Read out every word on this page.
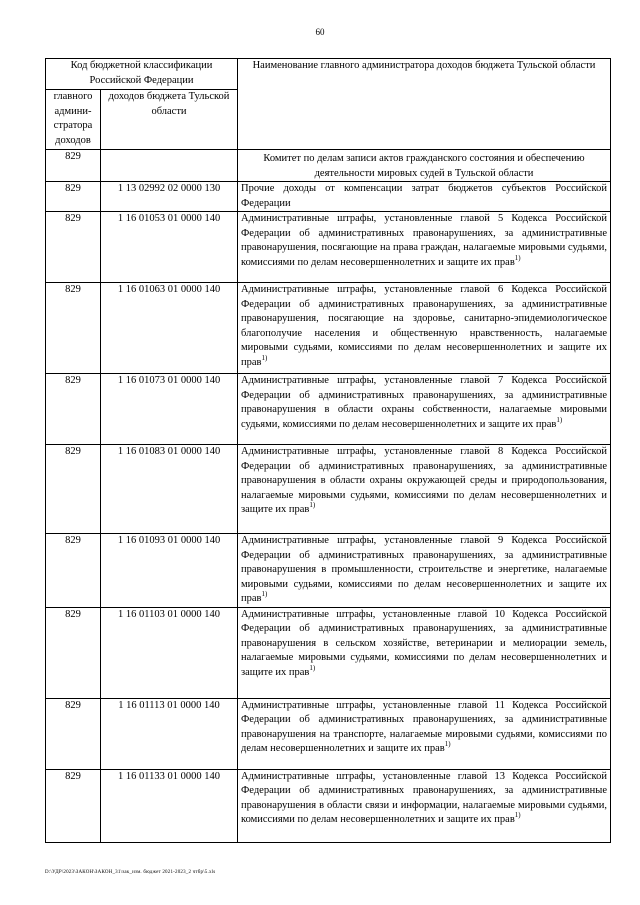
60
Код бюджетной классификации Российской Федерации		Наименование главного администратора доходов бюджета Тульской области
главного админи-стратора доходов	доходов бюджета Тульской области	
829		Комитет по делам записи актов гражданского состояния и обеспечению деятельности мировых судей в Тульской области
829	1 13 02992 02 0000 130	Прочие доходы от компенсации затрат бюджетов субъектов Российской Федерации
829	1 16 01053 01 0000 140	Административные штрафы, установленные главой 5 Кодекса Российской Федерации об административных правонарушениях, за административные правонарушения, посягающие на права граждан, налагаемые мировыми судьями, комиссиями по делам несовершеннолетних и защите их прав$^{1)}$
829	1 16 01063 01 0000 140	Административные штрафы, установленные главой 6 Кодекса Российской Федерации об административных правонарушениях, за административные правонарушения, посягающие на здоровье, санитарно-эпидемиологическое благополучие населения и общественную нравственность, налагаемые мировыми судьями, комиссиями по делам несовершеннолетних и защите их прав$^{1)}$
829	1 16 01073 01 0000 140	Административные штрафы, установленные главой 7 Кодекса Российской Федерации об административных правонарушениях, за административные правонарушения в области охраны собственности, налагаемые мировыми судьями, комиссиями по делам несовершеннолетних и защите их прав$^{1)}$
829	1 16 01083 01 0000 140	Административные штрафы, установленные главой 8 Кодекса Российской Федерации об административных правонарушениях, за административные правонарушения в области охраны окружающей среды и природопользования, налагаемые мировыми судьями, комиссиями по делам несовершеннолетних и защите их прав$^{1)}$
829	1 16 01093 01 0000 140	Административные штрафы, установленные главой 9 Кодекса Российской Федерации об административных правонарушениях, за административные правонарушения в промышленности, строительстве и энергетике, налагаемые мировыми судьями, комиссиями по делам несовершеннолетних и защите их прав$^{1)}$
829	1 16 01103 01 0000 140	Административные штрафы, установленные главой 10 Кодекса Российской Федерации об административных правонарушениях, за административные правонарушения в сельском хозяйстве, ветеринарии и мелиорации земель, налагаемые мировыми судьями, комиссиями по делам несовершеннолетних и защите их прав$^{1)}$
829	1 16 01113 01 0000 140	Административные штрафы, установленные главой 11 Кодекса Российской Федерации об административных правонарушениях, за административные правонарушения на транспорте, налагаемые мировыми судьями, комиссиями по делам несовершеннолетних и защите их прав$^{1)}$
829	1 16 01133 01 0000 140	Административные штрафы, установленные главой 13 Кодекса Российской Федерации об административных правонарушениях, за административные правонарушения в области связи и информации, налагаемые мировыми судьями, комиссиями по делам несовершеннолетних и защите их прав$^{1)}$
D:\УДР\2023\ЗАКОН\ЗАКОН_31\зак_изм. бюджет 2021-2023_2 чтбр\5.xls
